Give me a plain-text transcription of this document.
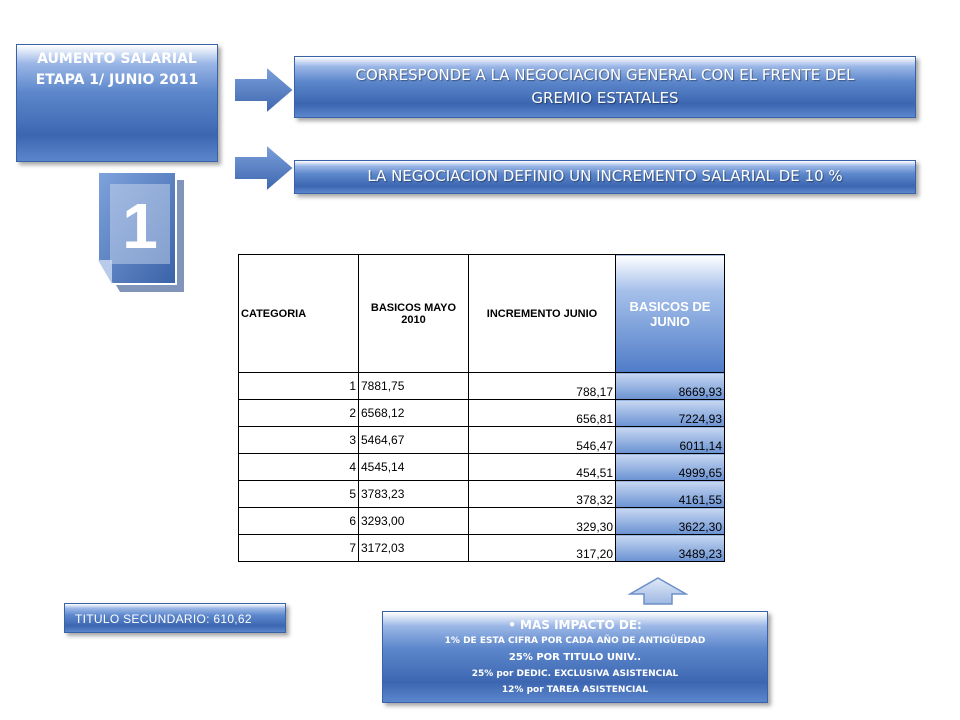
AUMENTO SALARIAL
ETAPA 1/ JUNIO 2011
1
CORRESPONDE A LA NEGOCIACION GENERAL CON EL FRENTE DEL
GREMIO ESTATALES
LA NEGOCIACION DEFINIO UN INCREMENTO SALARIAL DE 10 %
CATEGORIA	BASICOS MAYO 2010	INCREMENTO JUNIO	BASICOS DE JUNIO
1	7881,75	788,17	8669,93
2	6568,12	656,81	7224,93
3	5464,67	546,47	6011,14
4	4545,14	454,51	4999,65
5	3783,23	378,32	4161,55
6	3293,00	329,30	3622,30
7	3172,03	317,20	3489,23
TITULO SECUNDARIO: 610,62	• MAS IMPACTO DE:
1% DE ESTA CIFRA POR CADA AÑO DE ANTIGÜEDAD
25% POR TITULO UNIV..
25% por DEDIC. EXCLUSIVA ASISTENCIAL
12% por TAREA ASISTENCIAL
